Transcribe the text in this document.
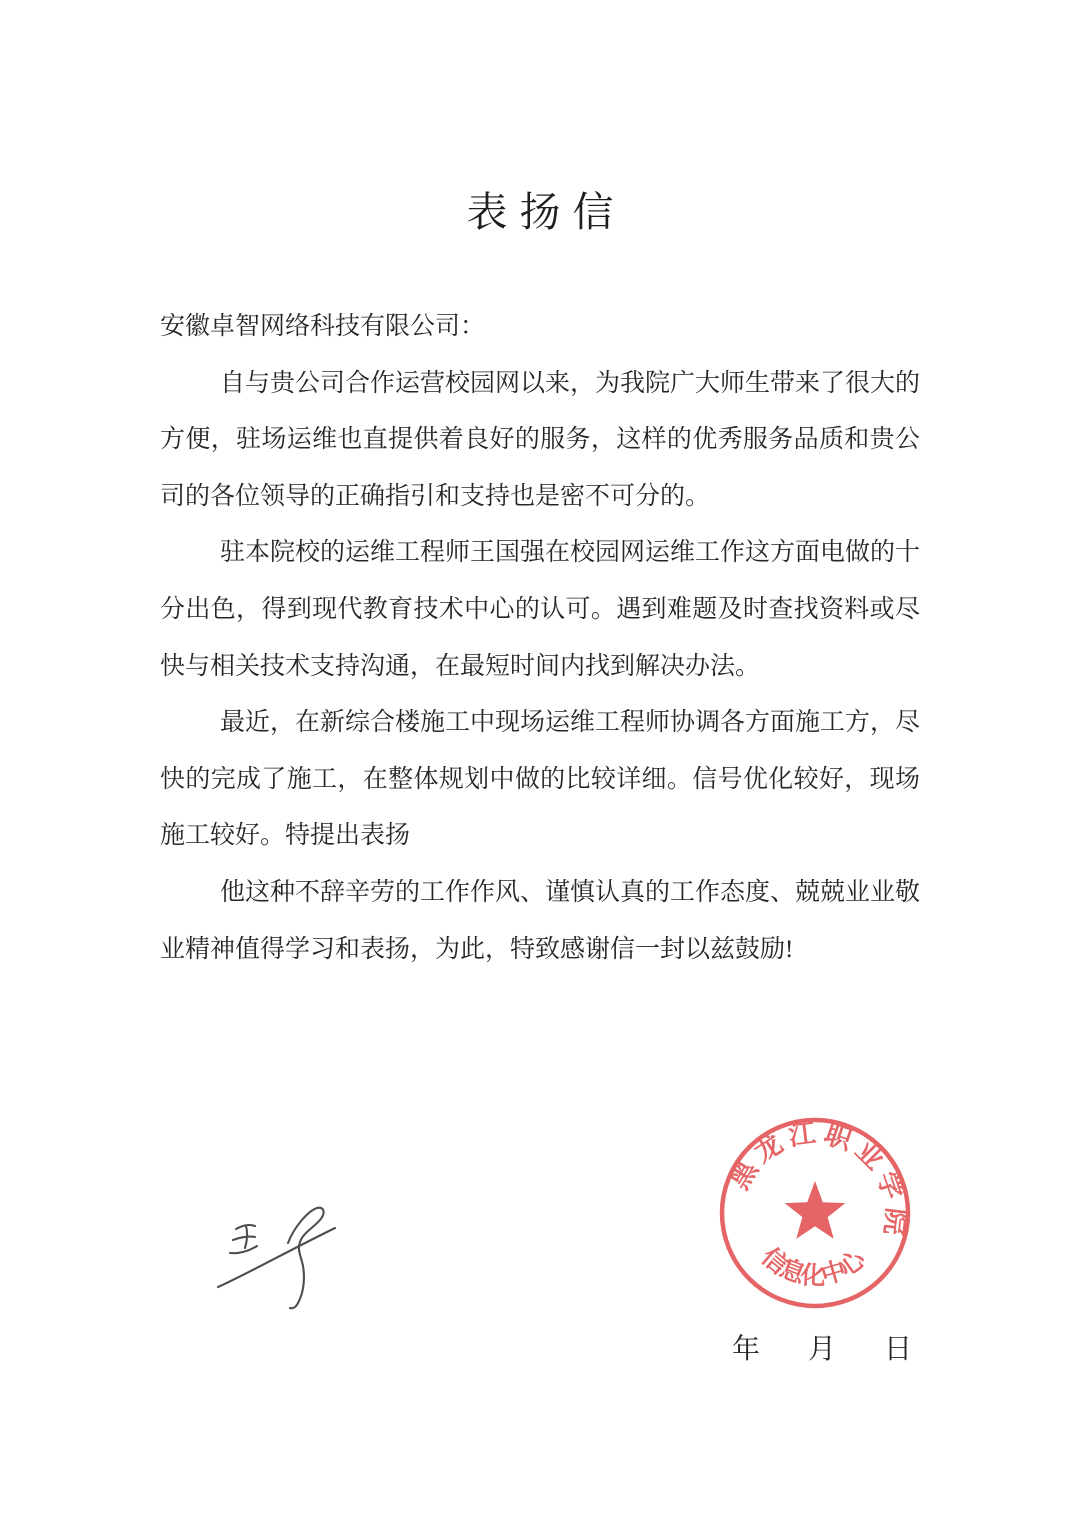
表扬信

安徽卓智网络科技有限公司：

自与贵公司合作运营校园网以来，为我院广大师生带来了很大的方便，驻场运维也直提供着良好的服务，这样的优秀服务品质和贵公司的各位领导的正确指引和支持也是密不可分的。

驻本院校的运维工程师王国强在校园网运维工作这方面电做的十分出色，得到现代教育技术中心的认可。遇到难题及时查找资料或尽快与相关技术支持沟通，在最短时间内找到解决办法。

最近，在新综合楼施工中现场运维工程师协调各方面施工方，尽快的完成了施工，在整体规划中做的比较详细。信号优化较好，现场施工较好。特提出表扬

他这种不辞辛劳的工作作风、谨慎认真的工作态度、兢兢业业敬业精神值得学习和表扬，为此，特致感谢信一封以兹鼓励!

黑龙江职业学院
信息化中心
年 月 日
